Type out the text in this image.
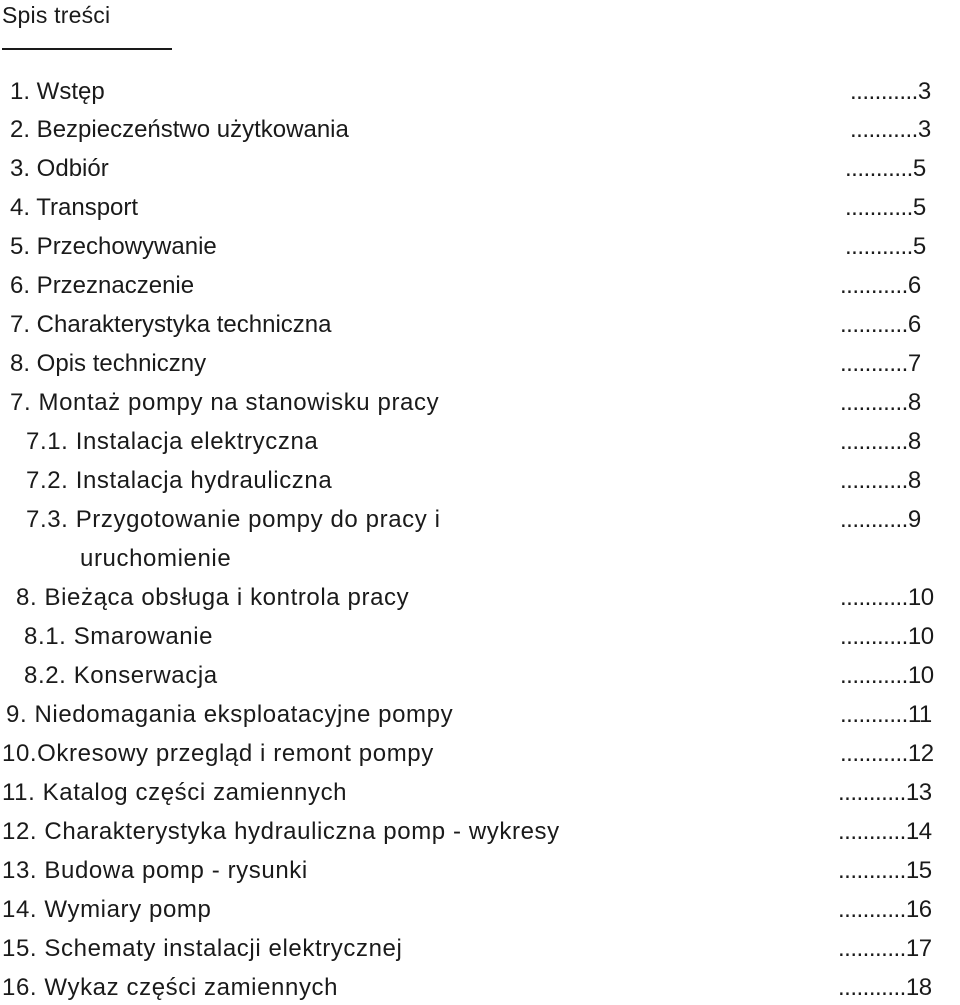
Spis treści
1. Wstęp	...........3
2. Bezpieczeństwo użytkowania	...........3
3. Odbiór	...........5
4. Transport	...........5
5. Przechowywanie	...........5
6. Przeznaczenie	...........6
7. Charakterystyka techniczna	...........6
8. Opis techniczny	...........7
7. Montaż pompy na stanowisku pracy	...........8
7.1. Instalacja elektryczna	...........8
7.2. Instalacja hydrauliczna	...........8
7.3. Przygotowanie pompy do pracy i	...........9
uruchomienie
8. Bieżąca obsługa i kontrola pracy	...........10
8.1. Smarowanie	...........10
8.2. Konserwacja	...........10
9. Niedomagania eksploatacyjne pompy	...........11
10.Okresowy przegląd i remont pompy	...........12
11. Katalog części zamiennych	...........13
12. Charakterystyka hydrauliczna pomp - wykresy	...........14
13. Budowa pomp - rysunki	...........15
14. Wymiary pomp	...........16
15. Schematy instalacji elektrycznej	...........17
16. Wykaz części zamiennych	...........18
